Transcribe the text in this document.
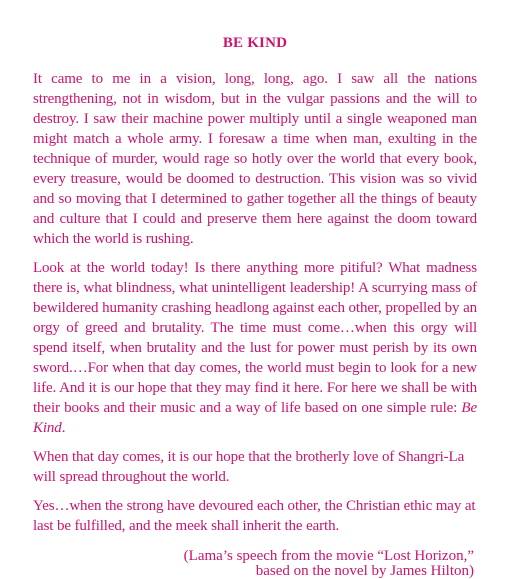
BE KIND

It came to me in a vision, long, long, ago. I saw all the nations strengthening, not in wisdom, but in the vulgar passions and the will to destroy. I saw their machine power multiply until a single weaponed man might match a whole army. I foresaw a time when man, exulting in the technique of murder, would rage so hotly over the world that every book, every treasure, would be doomed to destruction. This vision was so vivid and so moving that I determined to gather together all the things of beauty and culture that I could and preserve them here against the doom toward which the world is rushing.

Look at the world today! Is there anything more pitiful? What madness there is, what blindness, what unintelligent leadership! A scurrying mass of bewildered humanity crashing headlong against each other, propelled by an orgy of greed and brutality. The time must come…when this orgy will spend itself, when brutality and the lust for power must perish by its own sword.…For when that day comes, the world must begin to look for a new life. And it is our hope that they may find it here. For here we shall be with their books and their music and a way of life based on one simple rule: Be Kind.

When that day comes, it is our hope that the brotherly love of Shangri-La will spread throughout the world.

Yes…when the strong have devoured each other, the Christian ethic may at last be fulfilled, and the meek shall inherit the earth.

(Lama’s speech from the movie “Lost Horizon,”
based on the novel by James Hilton)
